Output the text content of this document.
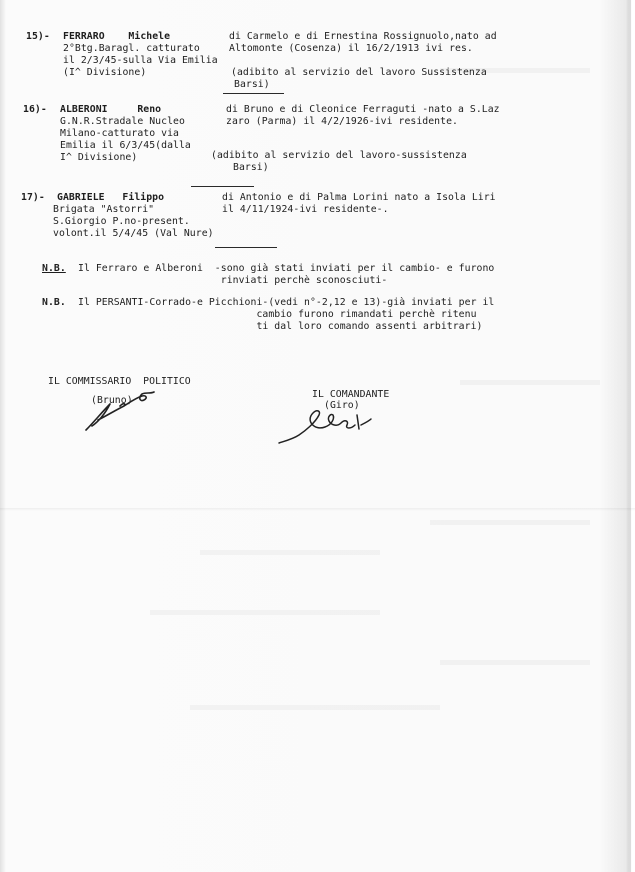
15)- FERRARO    Michele
2°Btg.Baragl. catturato
il 2/3/45-sulla Via Emilia
(I^ Divisione)
di Carmelo e di Ernestina Rossignuolo,nato ad
Altomonte (Cosenza) il 16/2/1913 ivi res.
(adibito al servizio del lavoro Sussistenza
Barsi)
16)- ALBERONI     Reno
G.N.R.Stradale Nucleo
Milano-catturato via
Emilia il 6/3/45(dalla
I^ Divisione)
di Bruno e di Cleonice Ferraguti -nato a S.Laz
zaro (Parma) il 4/2/1926-ivi residente.
(adibito al servizio del lavoro-sussistenza
Barsi)
17)- GABRIELE   Filippo
Brigata "Astorri"
S.Giorgio P.no-present.
volont.il 5/4/45 (Val Nure)
di Antonio e di Palma Lorini nato a Isola Liri
il 4/11/1924-ivi residente-.
N.B. Il Ferraro e Alberoni  -sono già stati inviati per il cambio- e furono
rinviati perchè sconosciuti-
N.B. Il PERSANTI-Corrado-e Picchioni-(vedi n°-2,12 e 13)-già inviati per il
cambio furono rimandati perchè ritenu
ti dal loro comando assenti arbitrari)
IL COMMISSARIO  POLITICO
(Bruno)
IL COMANDANTE
(Giro)
